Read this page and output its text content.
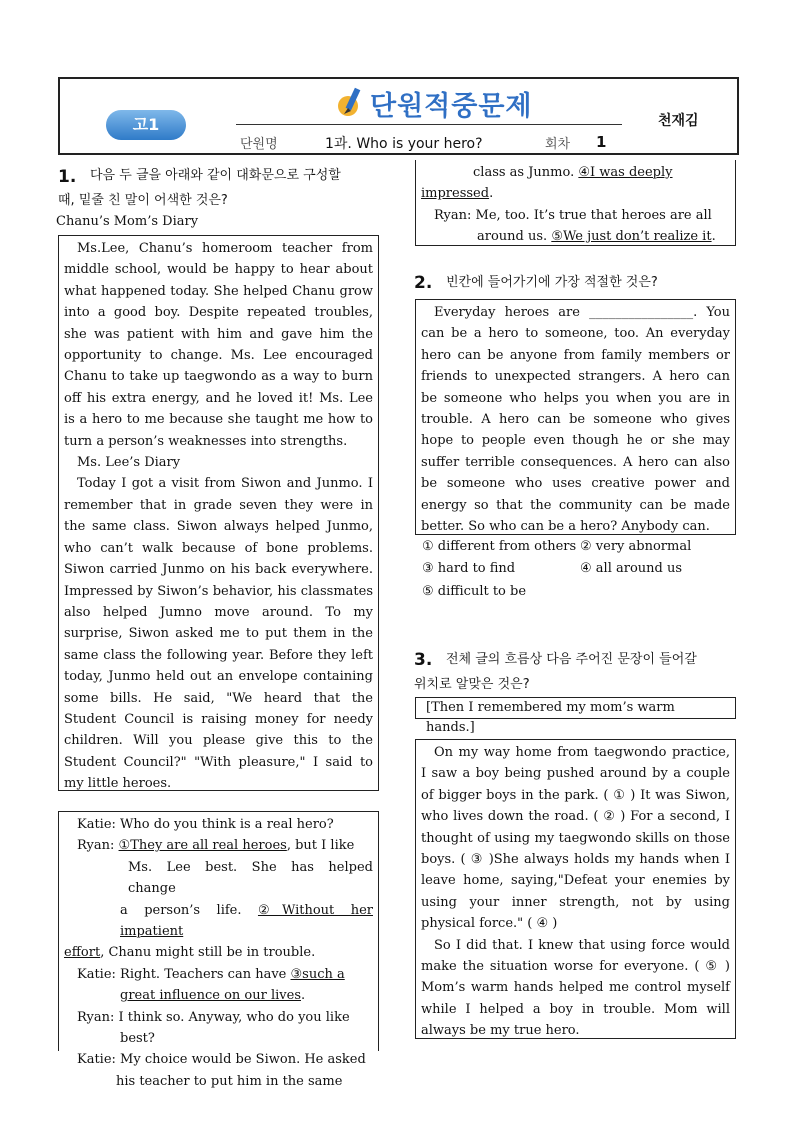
고1
단원적중문제	천재김
단원명	1과. Who is your hero?	회차 1
1. 다음 두 글을 아래와 같이 대화문으로 구성할
때, 밑줄 친 말이 어색한 것은?
Chanu’s Mom’s Diary

Ms.Lee, Chanu’s homeroom teacher from middle school, would be happy to hear about what happened today. She helped Chanu grow into a good boy. Despite repeated troubles, she was patient with him and gave him the opportunity to change. Ms. Lee encouraged Chanu to take up taegwondo as a way to burn off his extra energy, and he loved it! Ms. Lee is a hero to me because she taught me how to turn a person’s weaknesses into strengths.

Ms. Lee’s Diary

Today I got a visit from Siwon and Junmo. I remember that in grade seven they were in the same class. Siwon always helped Junmo, who can’t walk because of bone problems. Siwon carried Junmo on his back everywhere. Impressed by Siwon’s behavior, his classmates also helped Jumno move around. To my surprise, Siwon asked me to put them in the same class the following year. Before they left today, Junmo held out an envelope containing some bills. He said, "We heard that the Student Council is raising money for needy children. Will you please give this to the Student Council?" "With pleasure," I said to my little heroes.

Katie: Who do you think is a real hero?

Ryan: ①They are all real heroes, but I like

Ms. Lee best. She has helped change

a person’s life. ②Without her impatient

effort, Chanu might still be in trouble.

Katie: Right. Teachers can have ③such a

great influence on our lives.

Ryan: I think so. Anyway, who do you like

best?

Katie: My choice would be Siwon. He asked

his teacher to put him in the same

class as Junmo. ④I was deeply

impressed.

Ryan: Me, too. It’s true that heroes are all

around us. ⑤We just don’t realize it.

2. 빈칸에 들어가기에 가장 적절한 것은?

Everyday heroes are ________________. You can be a hero to someone, too. An everyday hero can be anyone from family members or friends to unexpected strangers. A hero can be someone who helps you when you are in trouble. A hero can be someone who gives hope to people even though he or she may suffer terrible consequences. A hero can also be someone who uses creative power and energy so that the community can be made better. So who can be a hero? Anybody can.

① different from others ② very abnormal
③ hard to find	④ all around us
⑤ difficult to be
3. 전체 글의 흐름상 다음 주어진 문장이 들어갈
위치로 알맞은 것은?
[Then I remembered my mom’s warm hands.]

On my way home from taegwondo practice, I saw a boy being pushed around by a couple of bigger boys in the park. ( ① ) It was Siwon, who lives down the road. ( ② ) For a second, I thought of using my taegwondo skills on those boys. ( ③ )She always holds my hands when I leave home, saying,"Defeat your enemies by using your inner strength, not by using physical force." ( ④ )

So I did that. I knew that using force would make the situation worse for everyone. ( ⑤ ) Mom’s warm hands helped me control myself while I helped a boy in trouble. Mom will always be my true hero.
